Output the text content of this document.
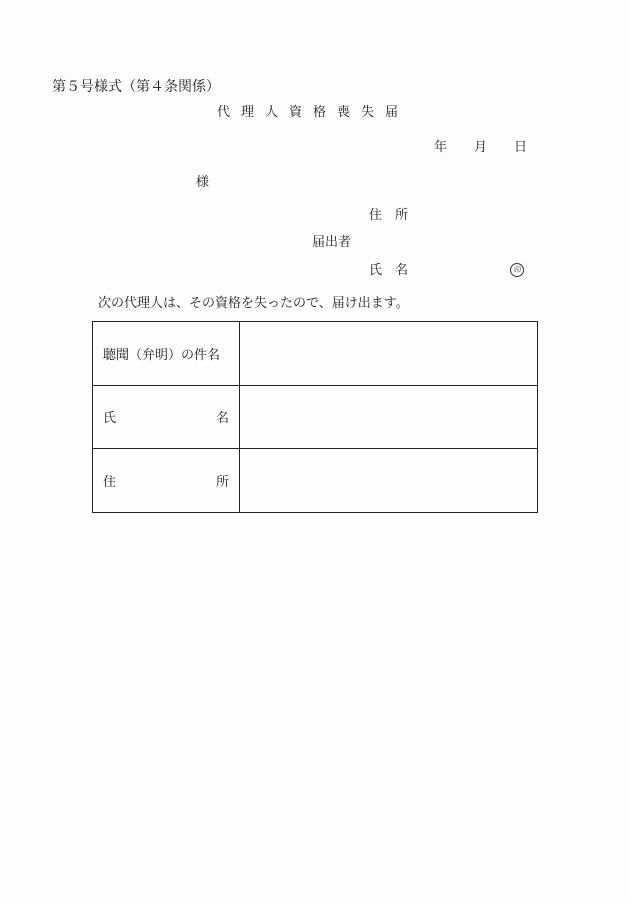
第５号様式（第４条関係）
代理人資格喪失届
年 月 日
様
住　所
届出者
氏　名	印
次の代理人は、その資格を失ったので、届け出ます。
聴聞（弁明）の件名	

氏 名	

住 所	
